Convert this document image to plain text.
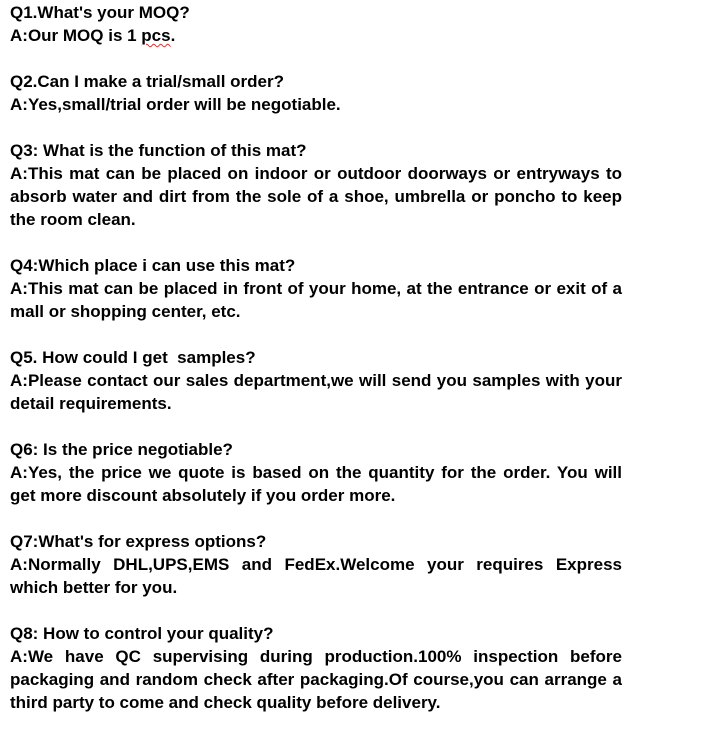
Q1.What's your MOQ?
A:Our MOQ is 1 pcs.
Q2.Can I make a trial/small order?
A:Yes,small/trial order will be negotiable.
Q3: What is the function of this mat?
A:This mat can be placed on indoor or outdoor doorways or entryways to absorb water and dirt from the sole of a shoe, umbrella or poncho to keep the room clean.
Q4:Which place i can use this mat?
A:This mat can be placed in front of your home, at the entrance or exit of a mall or shopping center, etc.
Q5. How could I get  samples?
A:Please contact our sales department,we will send you samples with your detail requirements.
Q6: Is the price negotiable?
A:Yes, the price we quote is based on the quantity for the order. You will get more discount absolutely if you order more.
Q7:What's for express options?
A:Normally DHL,UPS,EMS and FedEx.Welcome your requires Express which better for you.
Q8: How to control your quality?
A:We have QC supervising during production.100% inspection before packaging and random check after packaging.Of course,you can arrange a third party to come and check quality before delivery.
